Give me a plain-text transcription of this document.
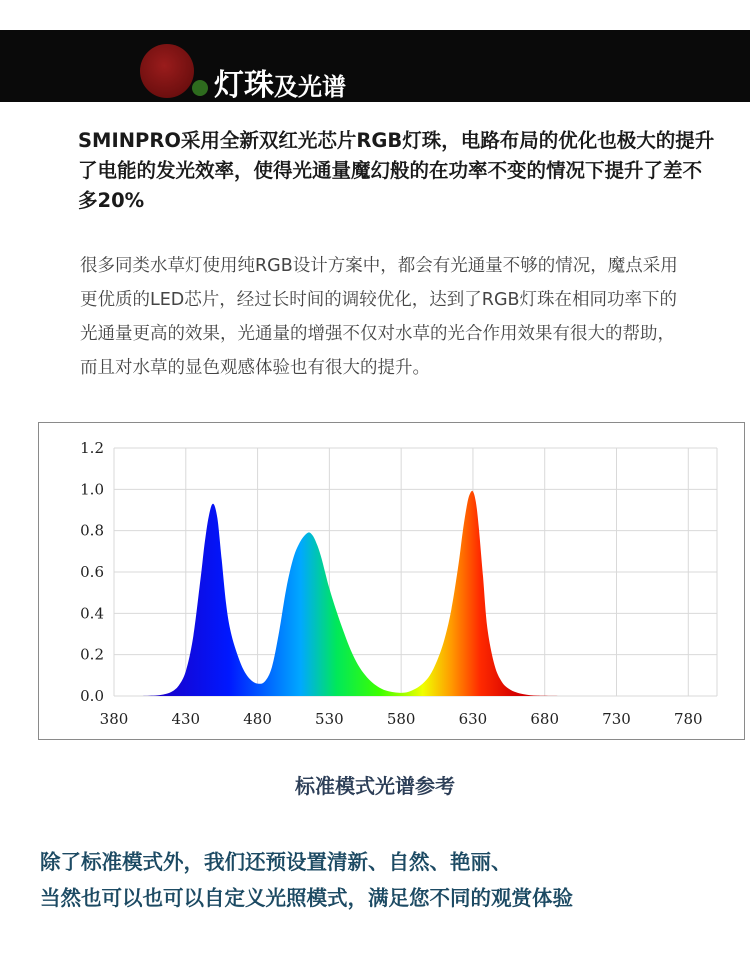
灯珠及光谱
SMINPRO采用全新双红光芯片RGB灯珠，电路布局的优化也极大的提升了电能的发光效率，使得光通量魔幻般的在功率不变的情况下提升了差不多20%
很多同类水草灯使用纯RGB设计方案中，都会有光通量不够的情况，魔点采用更优质的LED芯片，经过长时间的调较优化，达到了RGB灯珠在相同功率下的光通量更高的效果，光通量的增强不仅对水草的光合作用效果有很大的帮助，而且对水草的显色观感体验也有很大的提升。
0.0
0.2
0.4
0.6
0.8
1.0
1.2
380	430	480	530	580	630	680	730	780
标准模式光谱参考
除了标准模式外，我们还预设置清新、自然、艳丽、
当然也可以也可以自定义光照模式，满足您不同的观赏体验
